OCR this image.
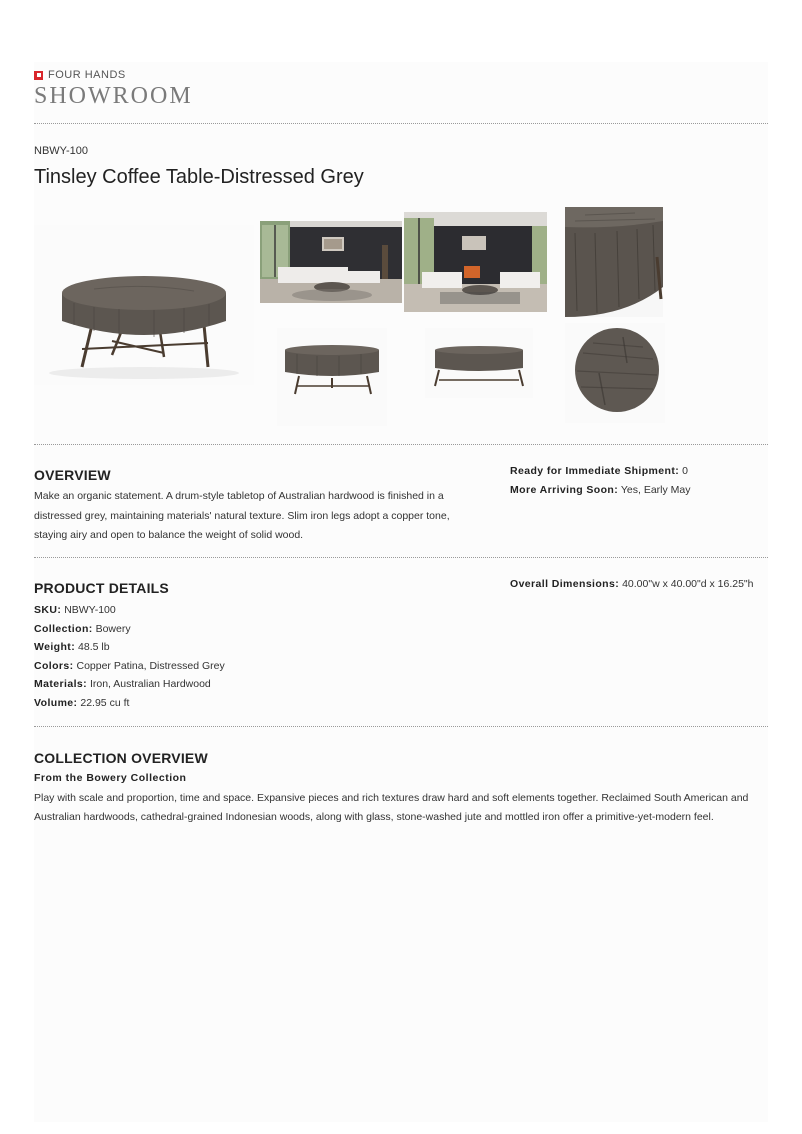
FOUR HANDS
SHOWROOM
NBWY-100
Tinsley Coffee Table-Distressed Grey
OVERVIEW

Make an organic statement. A drum-style tabletop of Australian hardwood is finished in a distressed grey, maintaining materials' natural texture. Slim iron legs adopt a copper tone, staying airy and open to balance the weight of solid wood.

Ready for Immediate Shipment: 0
More Arriving Soon: Yes, Early May
PRODUCT DETAILS
SKU: NBWY-100
Collection: Bowery
Weight: 48.5 lb
Colors: Copper Patina, Distressed Grey
Materials: Iron, Australian Hardwood
Volume: 22.95 cu ft
Overall Dimensions: 40.00"w x 40.00"d x 16.25"h
COLLECTION OVERVIEW
From the Bowery Collection

Play with scale and proportion, time and space. Expansive pieces and rich textures draw hard and soft elements together. Reclaimed South American and Australian hardwoods, cathedral-grained Indonesian woods, along with glass, stone-washed jute and mottled iron offer a primitive-yet-modern feel.
